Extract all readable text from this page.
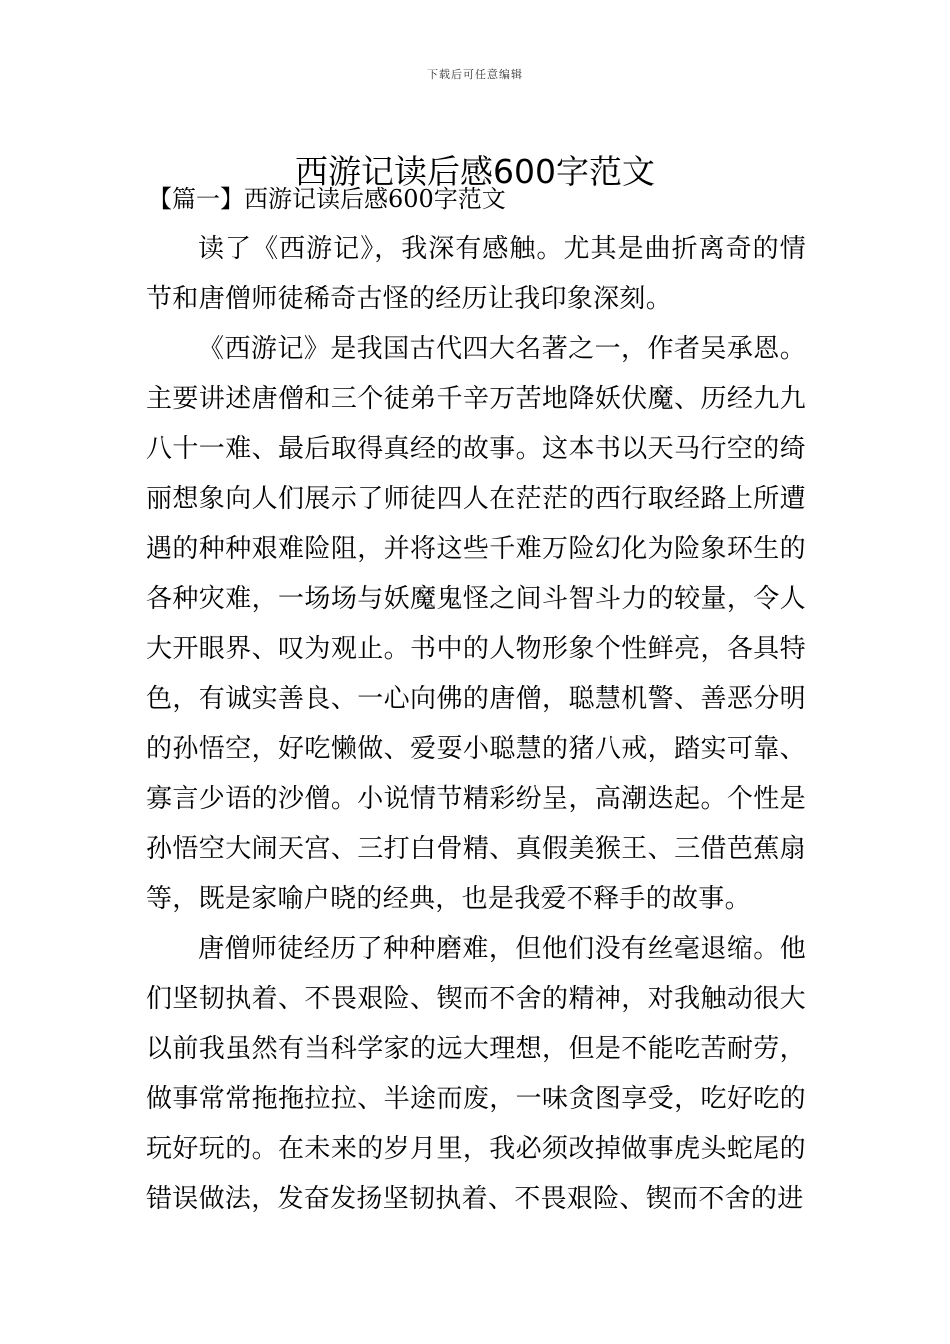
下载后可任意编辑
西游记读后感600字范文
【篇一】西游记读后感600字范文

读了《西游记》，我深有感触。尤其是曲折离奇的情节和唐僧师徒稀奇古怪的经历让我印象深刻。

《西游记》是我国古代四大名著之一，作者吴承恩。主要讲述唐僧和三个徒弟千辛万苦地降妖伏魔、历经九九八十一难、最后取得真经的故事。这本书以天马行空的绮丽想象向人们展示了师徒四人在茫茫的西行取经路上所遭遇的种种艰难险阻，并将这些千难万险幻化为险象环生的各种灾难，一场场与妖魔鬼怪之间斗智斗力的较量，令人大开眼界、叹为观止。书中的人物形象个性鲜亮，各具特色，有诚实善良、一心向佛的唐僧，聪慧机警、善恶分明的孙悟空，好吃懒做、爱耍小聪慧的猪八戒，踏实可靠、寡言少语的沙僧。小说情节精彩纷呈，高潮迭起。个性是孙悟空大闹天宫、三打白骨精、真假美猴王、三借芭蕉扇等，既是家喻户晓的经典，也是我爱不释手的故事。

唐僧师徒经历了种种磨难，但他们没有丝毫退缩。他们坚韧执着、不畏艰险、锲而不舍的精神，对我触动很大以前我虽然有当科学家的远大理想，但是不能吃苦耐劳，做事常常拖拖拉拉、半途而废，一味贪图享受，吃好吃的玩好玩的。在未来的岁月里，我必须改掉做事虎头蛇尾的错误做法，发奋发扬坚韧执着、不畏艰险、锲而不舍的进
